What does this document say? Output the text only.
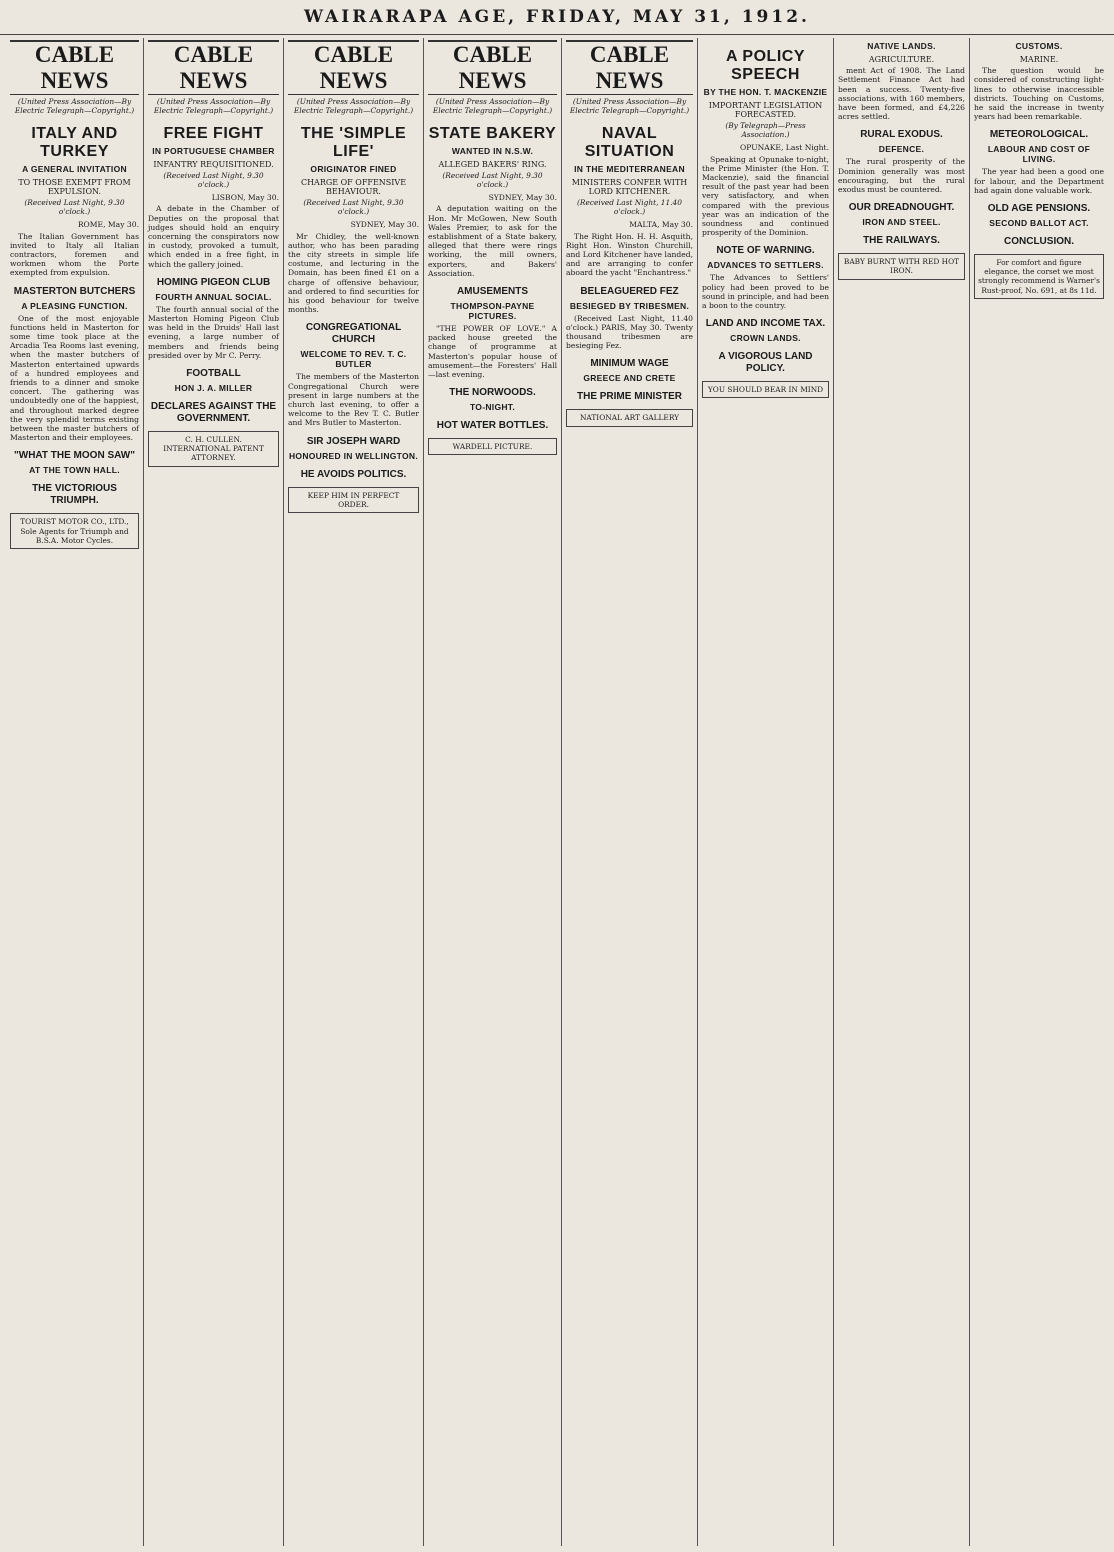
WAIRARAPA AGE, FRIDAY, MAY 31, 1912.
CABLE NEWS
(United Press Association—By Electric Telegraph—Copyright.)
ITALY AND TURKEY
A GENERAL INVITATION
TO THOSE EXEMPT FROM EXPULSION.
(Received Last Night, 9.30 o'clock.)
ROME, May 30.

The Italian Government has invited to Italy all Italian contractors, foremen and workmen whom the Porte exempted from expulsion.

MASTERTON BUTCHERS
A PLEASING FUNCTION.

One of the most enjoyable functions held in Masterton for some time took place at the Arcadia Tea Rooms last evening, when the master butchers of Masterton entertained upwards of a hundred employees and friends to a dinner and smoke concert. The gathering was undoubtedly one of the happiest, and throughout marked degree the very splendid terms existing between the master butchers of Masterton and their employees.

"WHAT THE MOON SAW"
AT THE TOWN HALL.
THE VICTORIOUS TRIUMPH.
TOURIST MOTOR CO., LTD., Sole Agents for Triumph and B.S.A. Motor Cycles.
CABLE NEWS
(United Press Association—By Electric Telegraph—Copyright.)
FREE FIGHT
IN PORTUGUESE CHAMBER
INFANTRY REQUISITIONED.
(Received Last Night, 9.30 o'clock.)
LISBON, May 30.

A debate in the Chamber of Deputies on the proposal that judges should hold an enquiry concerning the conspirators now in custody, provoked a tumult, which ended in a free fight, in which the gallery joined.

HOMING PIGEON CLUB
FOURTH ANNUAL SOCIAL.

The fourth annual social of the Masterton Homing Pigeon Club was held in the Druids' Hall last evening, a large number of members and friends being presided over by Mr C. Perry.

FOOTBALL
HON J. A. MILLER
DECLARES AGAINST THE GOVERNMENT.
C. H. CULLEN. INTERNATIONAL PATENT ATTORNEY.
CABLE NEWS
(United Press Association—By Electric Telegraph—Copyright.)
THE 'SIMPLE LIFE'
ORIGINATOR FINED
CHARGE OF OFFENSIVE BEHAVIOUR.
(Received Last Night, 9.30 o'clock.)
SYDNEY, May 30.

Mr Chidley, the well-known author, who has been parading the city streets in simple life costume, and lecturing in the Domain, has been fined £1 on a charge of offensive behaviour, and ordered to find securities for his good behaviour for twelve months.

CONGREGATIONAL CHURCH
WELCOME TO REV. T. C. BUTLER

The members of the Masterton Congregational Church were present in large numbers at the church last evening, to offer a welcome to the Rev T. C. Butler and Mrs Butler to Masterton.

SIR JOSEPH WARD
HONOURED IN WELLINGTON.
HE AVOIDS POLITICS.
KEEP HIM IN PERFECT ORDER.
CABLE NEWS
(United Press Association—By Electric Telegraph—Copyright.)
STATE BAKERY
WANTED IN N.S.W.
ALLEGED BAKERS' RING.
(Received Last Night, 9.30 o'clock.)
SYDNEY, May 30.

A deputation waiting on the Hon. Mr McGowen, New South Wales Premier, to ask for the establishment of a State bakery, alleged that there were rings working, the mill owners, exporters, and Bakers' Association.

AMUSEMENTS
THOMPSON-PAYNE PICTURES.

"THE POWER OF LOVE." A packed house greeted the change of programme at Masterton's popular house of amusement—the Foresters' Hall—last evening.

THE NORWOODS.
TO-NIGHT.
HOT WATER BOTTLES.
WARDELL PICTURE.
CABLE NEWS
(United Press Association—By Electric Telegraph—Copyright.)
NAVAL SITUATION
IN THE MEDITERRANEAN
MINISTERS CONFER WITH LORD KITCHENER.
(Received Last Night, 11.40 o'clock.)
MALTA, May 30.

The Right Hon. H. H. Asquith, Right Hon. Winston Churchill, and Lord Kitchener have landed, and are arranging to confer aboard the yacht "Enchantress."

BELEAGUERED FEZ
BESIEGED BY TRIBESMEN.

(Received Last Night, 11.40 o'clock.) PARIS, May 30. Twenty thousand tribesmen are besieging Fez.

MINIMUM WAGE
GREECE AND CRETE
THE PRIME MINISTER
NATIONAL ART GALLERY
A POLICY SPEECH
BY THE HON. T. MACKENZIE
IMPORTANT LEGISLATION FORECASTED.
(By Telegraph—Press Association.)
OPUNAKE, Last Night.

Speaking at Opunake to-night, the Prime Minister (the Hon. T. Mackenzie), said the financial result of the past year had been very satisfactory, and when compared with the previous year was an indication of the soundness and continued prosperity of the Dominion.

NOTE OF WARNING.
ADVANCES TO SETTLERS.

The Advances to Settlers' policy had been proved to be sound in principle, and had been a boon to the country.

LAND AND INCOME TAX.
CROWN LANDS.
A VIGOROUS LAND POLICY.
YOU SHOULD BEAR IN MIND
NATIVE LANDS.
AGRICULTURE.

ment Act of 1908. The Land Settlement Finance Act had been a success. Twenty-five associations, with 160 members, have been formed, and £4,226 acres settled.

RURAL EXODUS.
DEFENCE.

The rural prosperity of the Dominion generally was most encouraging, but the rural exodus must be countered.

OUR DREADNOUGHT.
IRON AND STEEL.
THE RAILWAYS.
BABY BURNT WITH RED HOT IRON.
CUSTOMS.
MARINE.

The question would be considered of constructing light-lines to otherwise inaccessible districts. Touching on Customs, he said the increase in twenty years had been remarkable.

METEOROLOGICAL.
LABOUR AND COST OF LIVING.

The year had been a good one for labour, and the Department had again done valuable work.

OLD AGE PENSIONS.
SECOND BALLOT ACT.
CONCLUSION.
For comfort and figure elegance, the corset we most strongly recommend is Warner's Rust-proof, No. 691, at 8s 11d.
